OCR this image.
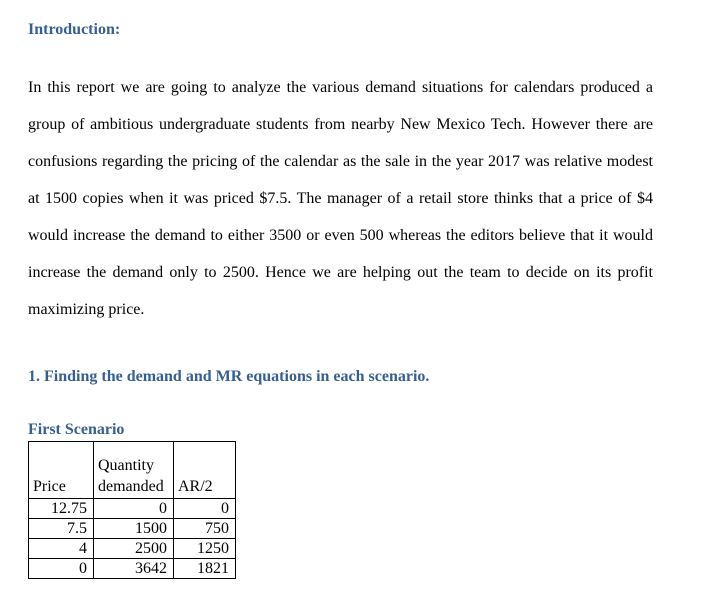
Introduction:
In this report we are going to analyze the various demand situations for calendars produced a
group of ambitious undergraduate students from nearby New Mexico Tech. However there are
confusions regarding the pricing of the calendar as the sale in the year 2017 was relative modest
at 1500 copies when it was priced $7.5. The manager of a retail store thinks that a price of $4
would increase the demand to either 3500 or even 500 whereas the editors believe that it would
increase the demand only to 2500. Hence we are helping out the team to decide on its profit
maximizing price.
1. Finding the demand and MR equations in each scenario.
First Scenario
Price	Quantity demanded	AR/2
12.75	0	0
7.5	1500	750
4	2500	1250
0	3642	1821
